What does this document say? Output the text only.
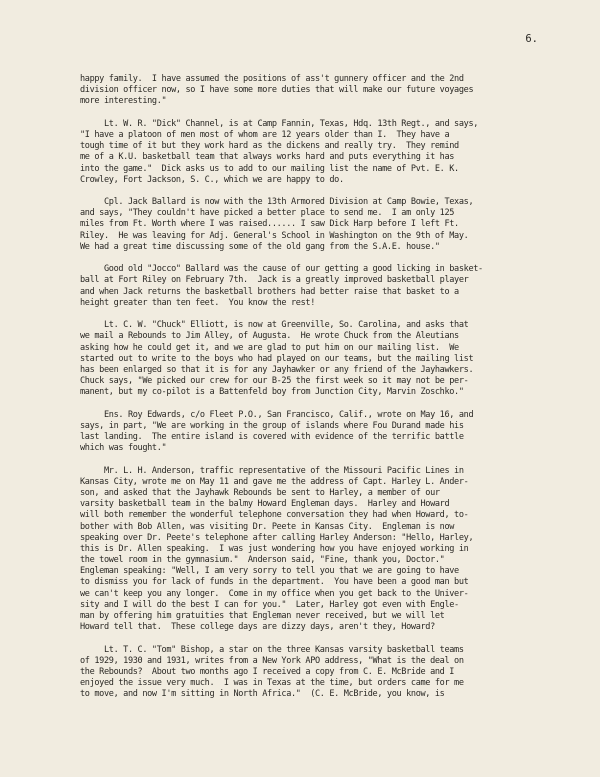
6.
happy family.  I have assumed the positions of ass't gunnery officer and the 2nd
division officer now, so I have some more duties that will make our future voyages
more interesting."
Lt. W. R. "Dick" Channel, is at Camp Fannin, Texas, Hdq. 13th Regt., and says,
"I have a platoon of men most of whom are 12 years older than I.  They have a
tough time of it but they work hard as the dickens and really try.  They remind
me of a K.U. basketball team that always works hard and puts everything it has
into the game."  Dick asks us to add to our mailing list the name of Pvt. E. K.
Crowley, Fort Jackson, S. C., which we are happy to do.
Cpl. Jack Ballard is now with the 13th Armored Division at Camp Bowie, Texas,
and says, "They couldn't have picked a better place to send me.  I am only 125
miles from Ft. Worth where I was raised...... I saw Dick Harp before I left Ft.
Riley.  He was leaving for Adj. General's School in Washington on the 9th of May.
We had a great time discussing some of the old gang from the S.A.E. house."
Good old "Jocco" Ballard was the cause of our getting a good licking in basket-
ball at Fort Riley on February 7th.  Jack is a greatly improved basketball player
and when Jack returns the basketball brothers had better raise that basket to a
height greater than ten feet.  You know the rest!
Lt. C. W. "Chuck" Elliott, is now at Greenville, So. Carolina, and asks that
we mail a Rebounds to Jim Alley, of Augusta.  He wrote Chuck from the Aleutians
asking how he could get it, and we are glad to put him on our mailing list.  We
started out to write to the boys who had played on our teams, but the mailing list
has been enlarged so that it is for any Jayhawker or any friend of the Jayhawkers.
Chuck says, "We picked our crew for our B-25 the first week so it may not be per-
manent, but my co-pilot is a Battenfeld boy from Junction City, Marvin Zoschko."
Ens. Roy Edwards, c/o Fleet P.O., San Francisco, Calif., wrote on May 16, and
says, in part, "We are working in the group of islands where Fou Durand made his
last landing.  The entire island is covered with evidence of the terrific battle
which was fought."
Mr. L. H. Anderson, traffic representative of the Missouri Pacific Lines in
Kansas City, wrote me on May 11 and gave me the address of Capt. Harley L. Ander-
son, and asked that the Jayhawk Rebounds be sent to Harley, a member of our
varsity basketball team in the balmy Howard Engleman days.  Harley and Howard
will both remember the wonderful telephone conversation they had when Howard, to-
bother with Bob Allen, was visiting Dr. Peete in Kansas City.  Engleman is now
speaking over Dr. Peete's telephone after calling Harley Anderson: "Hello, Harley,
this is Dr. Allen speaking.  I was just wondering how you have enjoyed working in
the towel room in the gymnasium."  Anderson said, "Fine, thank you, Doctor."
Engleman speaking: "Well, I am very sorry to tell you that we are going to have
to dismiss you for lack of funds in the department.  You have been a good man but
we can't keep you any longer.  Come in my office when you get back to the Univer-
sity and I will do the best I can for you."  Later, Harley got even with Engle-
man by offering him gratuities that Engleman never received, but we will let
Howard tell that.  These college days are dizzy days, aren't they, Howard?
Lt. T. C. "Tom" Bishop, a star on the three Kansas varsity basketball teams
of 1929, 1930 and 1931, writes from a New York APO address, "What is the deal on
the Rebounds?  About two months ago I received a copy from C. E. McBride and I
enjoyed the issue very much.  I was in Texas at the time, but orders came for me
to move, and now I'm sitting in North Africa."  (C. E. McBride, you know, is
